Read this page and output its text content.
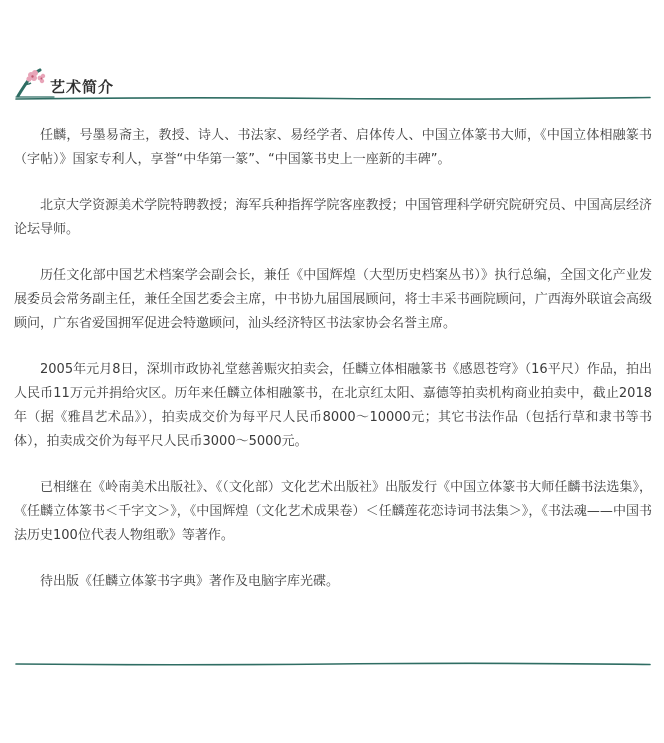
艺术简介

任麟，号墨易斋主，教授、诗人、书法家、易经学者、启体传人、中国立体篆书大师，《中国立体相融篆书（字帖）》国家专利人，享誉“中华第一篆”、“中国篆书史上一座新的丰碑”。

北京大学资源美术学院特聘教授；海军兵种指挥学院客座教授；中国管理科学研究院研究员、中国高层经济论坛导师。

历任文化部中国艺术档案学会副会长，兼任《中国辉煌（大型历史档案丛书）》执行总编，全国文化产业发展委员会常务副主任，兼任全国艺委会主席，中书协九届国展顾问，将士丰采书画院顾问，广西海外联谊会高级顾问，广东省爱国拥军促进会特邀顾问，汕头经济特区书法家协会名誉主席。

2005年元月8日，深圳市政协礼堂慈善赈灾拍卖会，任麟立体相融篆书《感恩苍穹》（16平尺）作品，拍出人民币11万元并捐给灾区。历年来任麟立体相融篆书，在北京红太阳、嘉德等拍卖机构商业拍卖中，截止2018年（据《雅昌艺术品》），拍卖成交价为每平尺人民币8000～10000元；其它书法作品（包括行草和隶书等书体），拍卖成交价为每平尺人民币3000～5000元。

已相继在《岭南美术出版社》、《（文化部）文化艺术出版社》出版发行《中国立体篆书大师任麟书法选集》，《任麟立体篆书＜千字文＞》，《中国辉煌（文化艺术成果卷）＜任麟莲花恋诗词书法集＞》，《书法魂——中国书法历史100位代表人物组歌》等著作。

待出版《任麟立体篆书字典》著作及电脑字库光碟。
